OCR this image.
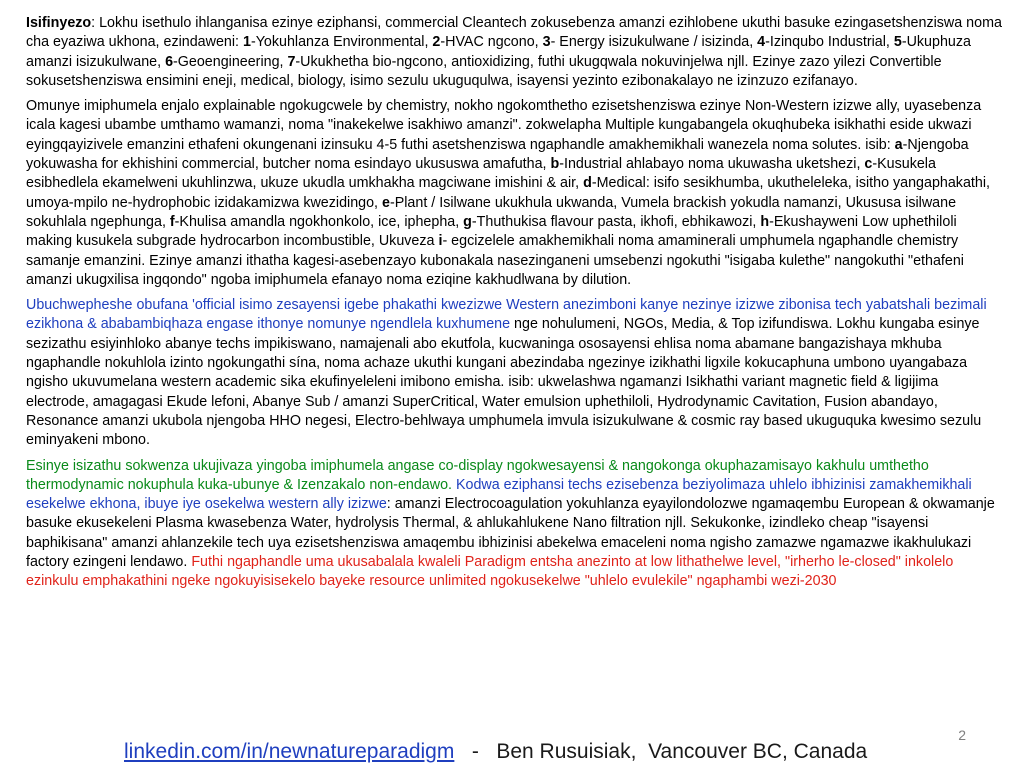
Isifinyezo: Lokhu isethulo ihlanganisa ezinye eziphansi, commercial Cleantech zokusebenza amanzi ezihlobene ukuthi basuke ezingasetshenziswa noma cha eyaziwa ukhona, ezindaweni: 1-Yokuhlanza Environmental, 2-HVAC ngcono, 3- Energy isizukulwane / isizinda, 4-Izinqubo Industrial, 5-Ukuphuza amanzi isizukulwane, 6-Geoengineering, 7-Ukukhetha bio-ngcono, antioxidizing, futhi ukugqwala nokuvinjelwa njll. Ezinye zazo yilezi Convertible sokusetshenziswa ensimini eneji, medical, biology, isimo sezulu ukuguqulwa, isayensi yezinto ezibonakalayo ne izinzuzo ezifanayo.

Omunye imiphumela enjalo explainable ngokugcwele by chemistry, nokho ngokomthetho ezisetshenziswa ezinye Non-Western izizwe ally, uyasebenza icala kagesi ubambe umthamo wamanzi, noma "inakekelwe isakhiwo amanzi". zokwelapha Multiple kungabangela okuqhubeka isikhathi eside ukwazi eyingqayizivele emanzini ethafeni okungenani izinsuku 4-5 futhi asetshenziswa ngaphandle amakhemikhali wanezela noma solutes. isib: a-Njengoba yokuwasha for ekhishini commercial, butcher noma esindayo ukususwa amafutha, b-Industrial ahlabayo noma ukuwasha uketshezi, c-Kusukela esibhedlela ekamelweni ukuhlinzwa, ukuze ukudla umkhakha magciwane imishini & air, d-Medical: isifo sesikhumba, ukutheleleka, isitho yangaphakathi, umoya-mpilo ne-hydrophobic izidakamizwa kwezidingo, e-Plant / Isilwane ukukhula ukwanda, Vumela brackish yokudla namanzi, Ukususa isilwane sokuhlala ngephunga, f-Khulisa amandla ngokhonkolo, ice, iphepha, g-Thuthukisa flavour pasta, ikhofi, ebhikawozi, h-Ekushayweni Low uphethiloli making kusukela subgrade hydrocarbon incombustible, Ukuveza i- egcizelele amakhemikhali noma amaminerali umphumela ngaphandle chemistry samanje emanzini. Ezinye amanzi ithatha kagesi-asebenzayo kubonakala nasezinganeni umsebenzi ngokuthi "isigaba kulethe" nangokuthi "ethafeni amanzi ukugxilisa ingqondo" ngoba imiphumela efanayo noma eziqine kakhudlwana by dilution.

Ubuchwepheshe obufana 'official isimo zesayensi igebe phakathi kwezizwe Western anezimboni kanye nezinye izizwe zibonisa tech yabatshali bezimali ezikhona & ababambiqhaza engase ithonye nomunye ngendlela kuxhumene nge nohulumeni, NGOs, Media, & Top izifundiswa. Lokhu kungaba esinye sezizathu esiyinhloko abanye techs impikiswano, namajenali abo ekutfola, kucwaninga ososayensi ehlisa noma abamane bangazishaya mkhuba ngaphandle nokuhlola izinto ngokungathi sína, noma achaze ukuthi kungani abezindaba ngezinye izikhathi ligxile kokucaphuna umbono uyangabaza ngisho ukuvumelana western academic sika ekufinyeleleni imibono emisha. isib: ukwelashwa ngamanzi Isikhathi variant magnetic field & ligijima electrode, amagagasi Ekude lefoni, Abanye Sub / amanzi SuperCritical, Water emulsion uphethiloli, Hydrodynamic Cavitation, Fusion abandayo, Resonance amanzi ukubola njengoba HHO negesi, Electro-behlwaya umphumela imvula isizukulwane & cosmic ray based ukuguquka kwesimo sezulu eminyakeni mbono.

Esinye isizathu sokwenza ukujivaza yingoba imiphumela angase co-display ngokwesayensi & nangokonga okuphazamisayo kakhulu umthetho thermodynamic nokuphula kuka-ubunye & Izenzakalo non-endawo. Kodwa eziphansi techs ezisebenza beziyolimaza uhlelo ibhizinisi zamakhemikhali esekelwe ekhona, ibuye iye osekelwa western ally izizwe: amanzi Electrocoagulation yokuhlanza eyayilondolozwe ngamaqembu European & okwamanje basuke ekusekeleni Plasma kwasebenza Water, hydrolysis Thermal, & ahlukahlukene Nano filtration njll. Sekukonke, izindleko cheap "isayensi baphikisana" amanzi ahlanzekile tech uya ezisetshenziswa amaqembu ibhizinisi abekelwa emaceleni noma ngisho zamazwe ngamazwe ikakhulukazi factory ezingeni lendawo. Futhi ngaphandle uma ukusabalala kwaleli Paradigm entsha anezinto at low lithathelwe level, "irherho le-closed" inkolelo ezinkulu emphakathini ngeke ngokuyisisekelo bayeke resource unlimited ngokusekelwe "uhlelo evulekile" ngaphambi wezi-2030

2
linkedin.com/in/newnatureparadigm   -   Ben Rusuisiak,  Vancouver BC, Canada
